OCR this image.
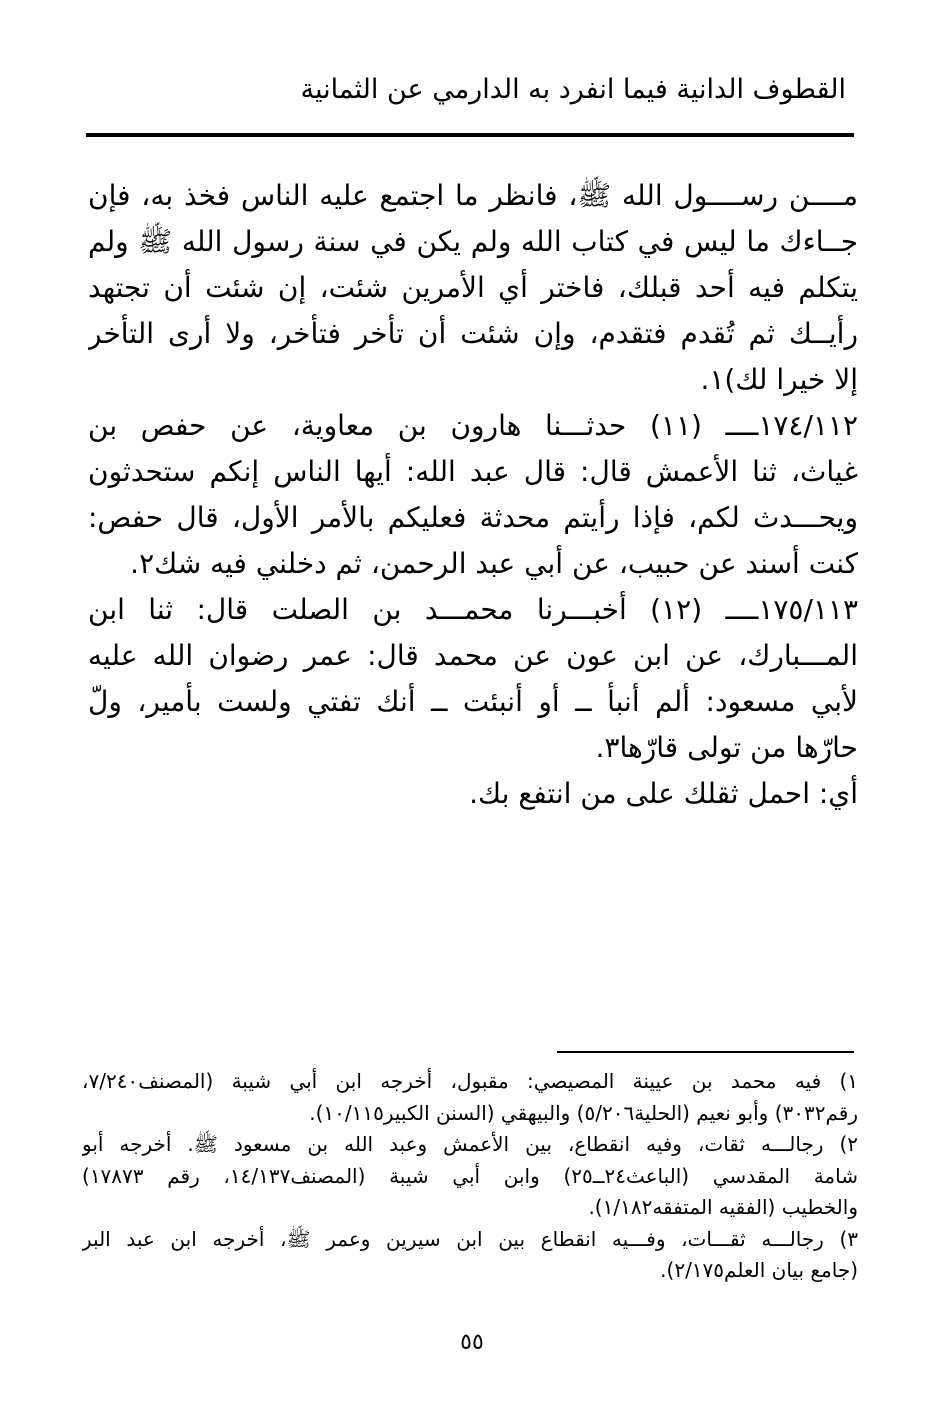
القطوف الدانية فيما انفرد به الدارمي عن الثمانية
مــــن رســــول الله ﷺ، فانظر ما اجتمع عليه الناس فخذ به، فإن
جــاءك ما ليس في كتاب الله ولم يكن في سنة رسول الله ﷺ ولم
يتكلم فيه أحد قبلك، فاختر أي الأمرين شئت، إن شئت أن تجتهد
رأيــك ثم تُقدم فتقدم، وإن شئت أن تأخر فتأخر، ولا أرى التأخر
إلا خيرا لك)١.
١٧٤/١١٢ــــ (١١) حدثـــنا هارون بن معاوية، عن حفص بن
غياث، ثنا الأعمش قال: قال عبد الله: أيها الناس إنكم ستحدثون
ويحـــدث لكم، فإذا رأيتم محدثة فعليكم بالأمر الأول، قال حفص:
كنت أسند عن حبيب، عن أبي عبد الرحمن، ثم دخلني فيه شك٢.
١٧٥/١١٣ــــ (١٢) أخبـــرنا محمـــد بن الصلت قال: ثنا ابن
المـــبارك، عن ابن عون عن محمد قال: عمر رضوان الله عليه
لأبي مسعود: ألم أنبأ ــ أو أنبئت ــ أنك تفتي ولست بأمير، ولّ
حارّها من تولى قارّها٣.
أي: احمل ثقلك على من انتفع بك.
١) فيه محمد بن عيينة المصيصي: مقبول، أخرجه ابن أبي شيبة (المصنف٧/٢٤٠،
رقم٣٠٣٢) وأبو نعيم (الحلية٥/٢٠٦) والبيهقي (السنن الكبير١٠/١١٥).
٢) رجالـــه ثقات، وفيه انقطاع، بين الأعمش وعبد الله بن مسعود ﷺ. أخرجه أبو
شامة المقدسي (الباعث٢٤ــ٢٥) وابن أبي شيبة (المصنف١٤/١٣٧، رقم ١٧٨٧٣)
والخطيب (الفقيه المتفقه١/١٨٢).
٣) رجالـــه ثقـــات، وفـــيه انقطاع بين ابن سيرين وعمر ﷺ، أخرجه ابن عبد البر
(جامع بيان العلم٢/١٧٥).
٥٥
